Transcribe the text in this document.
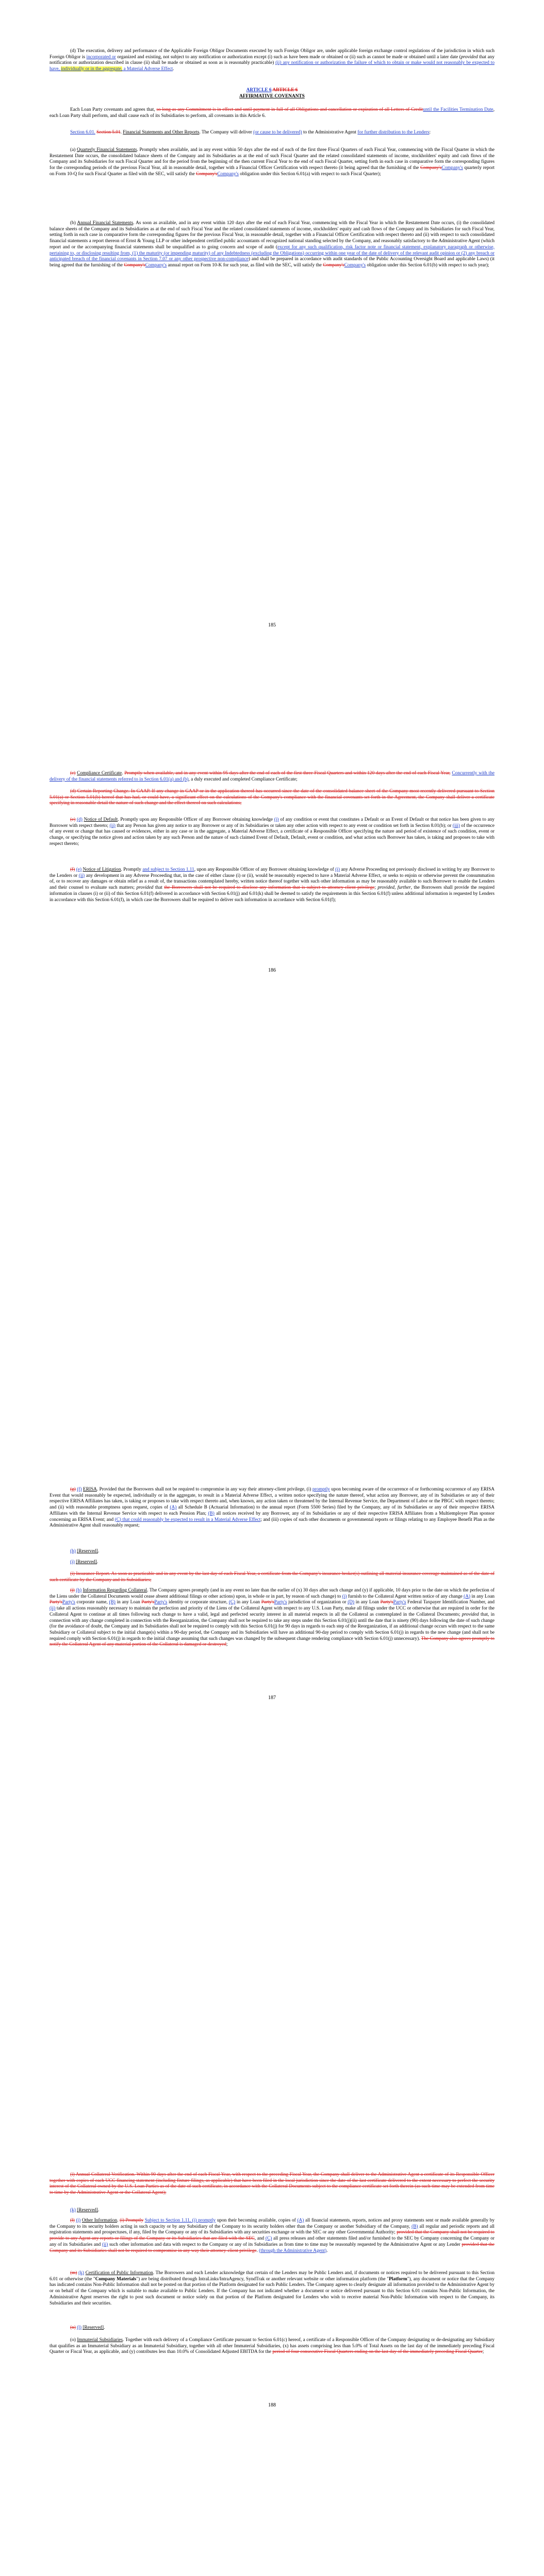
(d) The execution, delivery and performance of the Applicable Foreign Obligor Documents executed by such Foreign Obligor are, under applicable foreign exchange control regulations of the jurisdiction in which such Foreign Obligor is incorporated or organized and existing, not subject to any notification or authorization except (i) such as have been made or obtained or (ii) such as cannot be made or obtained until a later date (provided that any notification or authorization described in clause (ii) shall be made or obtained as soon as is reasonably practicable) (ii) any notification or authorization the failure of which to obtain or make would not reasonably be expected to have, individually or in the aggregate, a Material Adverse Effect.

ARTICLE 6 ARTICLE 6
AFFIRMATIVE COVENANTS

Each Loan Party covenants and agrees that, so long as any Commitment is in effect and until payment in full of all Obligations and cancellation or expiration of all Letters of Credituntil the Facilities Termination Date, each Loan Party shall perform, and shall cause each of its Subsidiaries to perform, all covenants in this Article 6.

Section 6.01. Section 5.01. Financial Statements and Other Reports. The Company will deliver (or cause to be delivered) to the Administrative Agent for further distribution to the Lenders:

(a) Quarterly Financial Statements. Promptly when available, and in any event within 50 days after the end of each of the first three Fiscal Quarters of each Fiscal Year, commencing with the Fiscal Quarter in which the Restatement Date occurs, the consolidated balance sheets of the Company and its Subsidiaries as at the end of such Fiscal Quarter and the related consolidated statements of income, stockholders' equity and cash flows of the Company and its Subsidiaries for such Fiscal Quarter and for the period from the beginning of the then current Fiscal Year to the end of such Fiscal Quarter, setting forth in each case in comparative form the corresponding figures for the corresponding periods of the previous Fiscal Year, all in reasonable detail, together with a Financial Officer Certification with respect thereto (it being agreed that the furnishing of the Company'sCompany's quarterly report on Form 10-Q for such Fiscal Quarter as filed with the SEC, will satisfy the Company'sCompany's obligation under this Section 6.01(a) with respect to such Fiscal Quarter);

(b) Annual Financial Statements. As soon as available, and in any event within 120 days after the end of each Fiscal Year, commencing with the Fiscal Year in which the Restatement Date occurs, (i) the consolidated balance sheets of the Company and its Subsidiaries as at the end of such Fiscal Year and the related consolidated statements of income, stockholders' equity and cash flows of the Company and its Subsidiaries for such Fiscal Year, setting forth in each case in comparative form the corresponding figures for the previous Fiscal Year, in reasonable detail, together with a Financial Officer Certification with respect thereto and (ii) with respect to such consolidated financial statements a report thereon of Ernst & Young LLP or other independent certified public accountants of recognized national standing selected by the Company, and reasonably satisfactory to the Administrative Agent (which report and or the accompanying financial statements shall be unqualified as to going concern and scope of audit (except for any such qualification, risk factor note or financial statement, explanatory paragraph or otherwise, pertaining to, or disclosing resulting from, (1) the maturity (or impending maturity) of any Indebtedness (excluding the Obligations) occurring within one year of the date of delivery of the relevant audit opinion or (2) any breach or anticipated breach of the financial covenants in Section 7.07 or any other prospective non-compliance) and shall be prepared in accordance with audit standards of the Public Accounting Oversight Board and applicable Laws) (it being agreed that the furnishing of the Company'sCompany's annual report on Form 10-K for such year, as filed with the SEC, will satisfy the Company'sCompany's obligation under this Section 6.01(b) with respect to such year);

185

(c) Compliance Certificate. Promptly when available, and in any event within 95 days after the end of each of the first three Fiscal Quarters and within 120 days after the end of each Fiscal Year, Concurrently with the delivery of the financial statements referred to in Section 6.01(a) and (b), a duly executed and completed Compliance Certificate;

(d) Certain Reporting Change. In GAAP. If any change in GAAP or in the application thereof has occurred since the date of the consolidated balance sheet of the Company most recently delivered pursuant to Section 5.01(a) or Section 5.01(b) hereof that has had, or could have, a significant effect on the calculations of the Company's compliance with the financial covenants set forth in the Agreement, the Company shall deliver a certificate specifying in reasonable detail the nature of such change and the effect thereof on such calculations;

(e) (d) Notice of Default. Promptly upon any Responsible Officer of any Borrower obtaining knowledge (i) of any condition or event that constitutes a Default or an Event of Default or that notice has been given to any Borrower with respect thereto; (ii) that any Person has given any notice to any Borrower or any of its Subsidiaries or taken any other action with respect to any event or condition set forth in Section 8.01(b); or (iii) of the occurrence of any event or change that has caused or evidences, either in any case or in the aggregate, a Material Adverse Effect, a certificate of a Responsible Officer specifying the nature and period of existence of such condition, event or change, or specifying the notice given and action taken by any such Person and the nature of such claimed Event of Default, Default, event or condition, and what action such Borrower has taken, is taking and proposes to take with respect thereto;

(f) (e) Notice of Litigation. Promptly and subject to Section 1.11, upon any Responsible Officer of any Borrower obtaining knowledge of (i) any Adverse Proceeding not previously disclosed in writing by any Borrower to the Lenders or (ii) any development in any Adverse Proceeding that, in the case of either clause (i) or (ii), would be reasonably expected to have a Material Adverse Effect, or seeks to enjoin or otherwise prevent the consummation of, or to recover any damages or obtain relief as a result of, the transactions contemplated hereby, written notice thereof together with such other information as may be reasonably available to such Borrower to enable the Lenders and their counsel to evaluate such matters; provided that the Borrowers shall not be required to disclose any information that is subject to attorney-client privilege; provided, further, the Borrowers shall provide the required information in clauses (i) or (ii) of this Section 6.01(f) delivered in accordance with Section 6.01(j) and 6.01(k) shall be deemed to satisfy the requirements in this Section 6.01(f) unless additional information is requested by Lenders in accordance with this Section 6.01(f), in which case the Borrowers shall be required to deliver such information in accordance with Section 6.01(f);

186

(g) (f) ERISA. Provided that the Borrowers shall not be required to compromise in any way their attorney-client privilege, (i) promptly upon becoming aware of the occurrence of or forthcoming occurrence of any ERISA Event that would reasonably be expected, individually or in the aggregate, to result in a Material Adverse Effect, a written notice specifying the nature thereof, what action any Borrower, any of its Subsidiaries or any of their respective ERISA Affiliates has taken, is taking or proposes to take with respect thereto and, when known, any action taken or threatened by the Internal Revenue Service, the Department of Labor or the PBGC with respect thereto; and (ii) with reasonable promptness upon request, copies of (A) all Schedule B (Actuarial Information) to the annual report (Form 5500 Series) filed by the Company, any of its Subsidiaries or any of their respective ERISA Affiliates with the Internal Revenue Service with respect to each Pension Plan; (B) all notices received by any Borrower, any of its Subsidiaries or any of their respective ERISA Affiliates from a Multiemployer Plan sponsor concerning an ERISA Event; and (C) that could reasonably be expected to result in a Material Adverse Effect; and (iii) copies of such other documents or governmental reports or filings relating to any Employee Benefit Plan as the Administrative Agent shall reasonably request;

(h) [Reserved].

(i) [Reserved].

(i) Insurance Report. As soon as practicable and in any event by the last day of each Fiscal Year, a certificate from the Company's insurance broker(s) outlining all material insurance coverage maintained as of the date of such certificate by the Company and its Subsidiaries;

(j) (h) Information Regarding Collateral. The Company agrees promptly (and in any event no later than the earlier of (x) 30 days after such change and (y) if applicable, 10 days prior to the date on which the perfection of the Liens under the Collateral Documents would cease absent additional filings or other actions) upon, in whole or in part, by reason of such change) to (i) furnish to the Collateral Agent written notice of any change (A) in any Loan Party'sParty's corporate name, (B) in any Loan Party'sParty's identity or corporate structure, (C) in any Loan Party'sParty's jurisdiction of organization or (D) in any Loan Party'sParty's Federal Taxpayer Identification Number, and (ii) take all actions reasonably necessary to maintain the perfection and priority of the Liens of the Collateral Agent with respect to any U.S. Loan Party, make all filings under the UCC or otherwise that are required in order for the Collateral Agent to continue at all times following such change to have a valid, legal and perfected security interest in all material respects in all the Collateral as contemplated in the Collateral Documents; provided that, in connection with any change completed in connection with the Reorganization, the Company shall not be required to take any steps under this Section 6.01(j)(ii) until the date that is ninety (90) days following the date of such change (for the avoidance of doubt, the Company and its Subsidiaries shall not be required to comply with this Section 6.01(j) for 90 days in regards to each step of the Reorganization, if an additional change occurs with respect to the same Subsidiary or Collateral subject to the initial change(s) within a 90-day period, the Company and its Subsidiaries will have an additional 90-day period to comply with Section 6.01(j) in regards to the new change (and shall not be required comply with Section 6.01(j) in regards to the initial change assuming that such changes was changed by the subsequent change rendering compliance with Section 6.01(j) unnecessary). The Company also agrees promptly to notify the Collateral Agent of any material portion of the Collateral is damaged or destroyed;

187

(i) Annual Collateral Verification. Within 90 days after the end of each Fiscal Year, with respect to the preceding Fiscal Year, the Company shall deliver to the Administrative Agent a certificate of its Responsible Officer together with copies of each UCC financing statement (including fixture filings, as applicable) that have been filed in the local jurisdiction since the date of the last certificate delivered to the extent necessary to perfect the security interest of the Collateral owned by the U.S. Loan Parties as of the date of such certificate, in accordance with the Collateral Documents subject to the compliance certificate set forth therein (as such time may be extended from time to time by the Administrative Agent or the Collateral Agent);

(k) [Reserved].

(l) (j) Other Information. (i) Promptly Subject to Section 1.11, (i) promptly upon their becoming available, copies of (A) all financial statements, reports, notices and proxy statements sent or made available generally by the Company to its security holders acting in such capacity or by any Subsidiary of the Company to its security holders other than the Company or another Subsidiary of the Company, (B) all regular and periodic reports and all registration statements and prospectuses, if any, filed by the Company or any of its Subsidiaries with any securities exchange or with the SEC or any other Governmental Authority; provided that the Company shall not be required to provide to any Agent any reports or filings of the Company or its Subsidiaries that are filed with the SEC, and (C) all press releases and other statements filed and/or furnished to the SEC by Company concerning the Company or any of its Subsidiaries and (ii) such other information and data with respect to the Company or any of its Subsidiaries as from time to time may be reasonably requested by the Administrative Agent or any Lender provided that the Company and its Subsidiaries shall not be required to compromise in any way their attorney-client privilege. (through the Administrative Agent).

(m) (k) Certification of Public Information. The Borrowers and each Lender acknowledge that certain of the Lenders may be Public Lenders and, if documents or notices required to be delivered pursuant to this Section 6.01 or otherwise (the "Company Materials") are being distributed through IntraLinks/IntraAgency, SyndTrak or another relevant website or other information platform (the "Platform"), any document or notice that the Company has indicated contains Non-Public Information shall not be posted on that portion of the Platform designated for such Public Lenders. The Company agrees to clearly designate all information provided to the Administrative Agent by or on behalf of the Company which is suitable to make available to Public Lenders. If the Company has not indicated whether a document or notice delivered pursuant to this Section 6.01 contains Non-Public Information, the Administrative Agent reserves the right to post such document or notice solely on that portion of the Platform designated for Lenders who wish to receive material Non-Public Information with respect to the Company, its Subsidiaries and their securities.

(n) (l) [Reserved].

(o) Immaterial Subsidiaries. Together with each delivery of a Compliance Certificate pursuant to Section 6.01(c) hereof, a certificate of a Responsible Officer of the Company designating or de-designating any Subsidiary that qualifies as an Immaterial Subsidiary as an Immaterial Subsidiary, together with all other Immaterial Subsidiaries, (x) has assets comprising less than 5.0% of Total Assets on the last day of the immediately preceding Fiscal Quarter or Fiscal Year, as applicable, and (y) contributes less than 10.0% of Consolidated Adjusted EBITDA for the period of four consecutive Fiscal Quarters ending on the last day of the immediately preceding Fiscal Quarter;

188
